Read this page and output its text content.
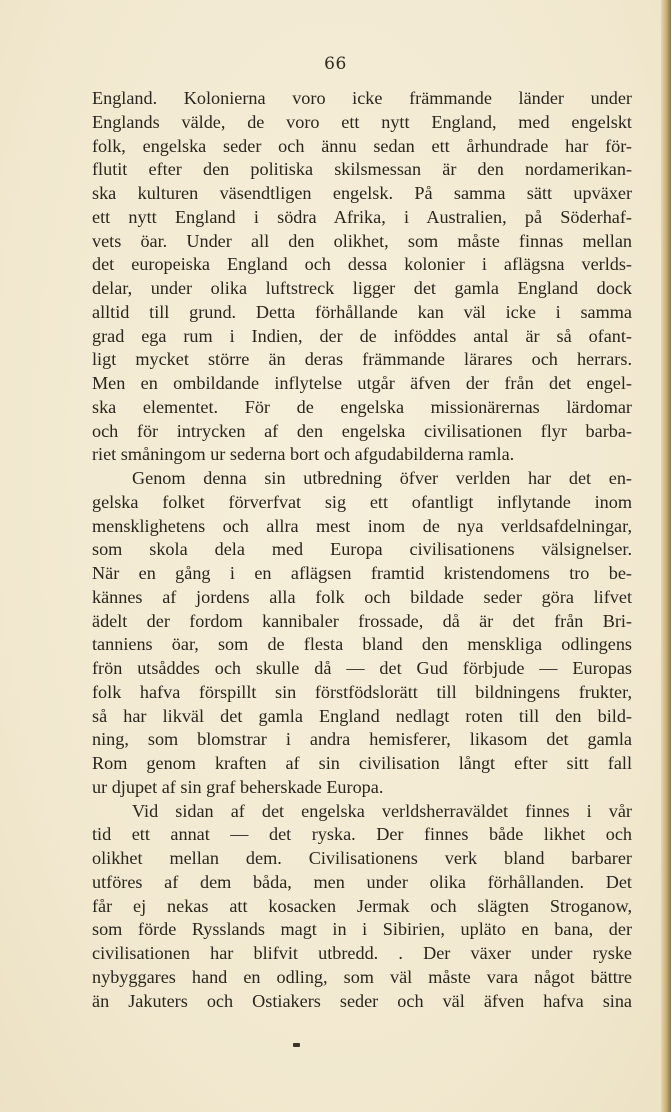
66
England. Kolonierna voro icke främmande länder under
Englands välde, de voro ett nytt England, med engelskt
folk, engelska seder och ännu sedan ett århundrade har för-
flutit efter den politiska skilsmessan är den nordamerikan-
ska kulturen väsendtligen engelsk. På samma sätt upväxer
ett nytt England i södra Afrika, i Australien, på Söderhaf-
vets öar. Under all den olikhet, som måste finnas mellan
det europeiska England och dessa kolonier i aflägsna verlds-
delar, under olika luftstreck ligger det gamla England dock
alltid till grund. Detta förhållande kan väl icke i samma
grad ega rum i Indien, der de inföddes antal är så ofant-
ligt mycket större än deras främmande lärares och herrars.
Men en ombildande inflytelse utgår äfven der från det engel-
ska elementet. För de engelska missionärernas lärdomar
och för intrycken af den engelska civilisationen flyr barba-
riet småningom ur sederna bort och afgudabilderna ramla.
Genom denna sin utbredning öfver verlden har det en-
gelska folket förverfvat sig ett ofantligt inflytande inom
mensklighetens och allra mest inom de nya verldsafdelningar,
som skola dela med Europa civilisationens välsignelser.
När en gång i en aflägsen framtid kristendomens tro be-
kännes af jordens alla folk och bildade seder göra lifvet
ädelt der fordom kannibaler frossade, då är det från Bri-
tanniens öar, som de flesta bland den menskliga odlingens
frön utsåddes och skulle då — det Gud förbjude — Europas
folk hafva förspillt sin förstfödslorätt till bildningens frukter,
så har likväl det gamla England nedlagt roten till den bild-
ning, som blomstrar i andra hemisferer, likasom det gamla
Rom genom kraften af sin civilisation långt efter sitt fall
ur djupet af sin graf beherskade Europa.
Vid sidan af det engelska verldsherraväldet finnes i vår
tid ett annat — det ryska. Der finnes både likhet och
olikhet mellan dem. Civilisationens verk bland barbarer
utföres af dem båda, men under olika förhållanden. Det
får ej nekas att kosacken Jermak och slägten Stroganow,
som förde Rysslands magt in i Sibirien, upläto en bana, der
civilisationen har blifvit utbredd. . Der växer under ryske
nybyggares hand en odling, som väl måste vara något bättre
än Jakuters och Ostiakers seder och väl äfven hafva sina
